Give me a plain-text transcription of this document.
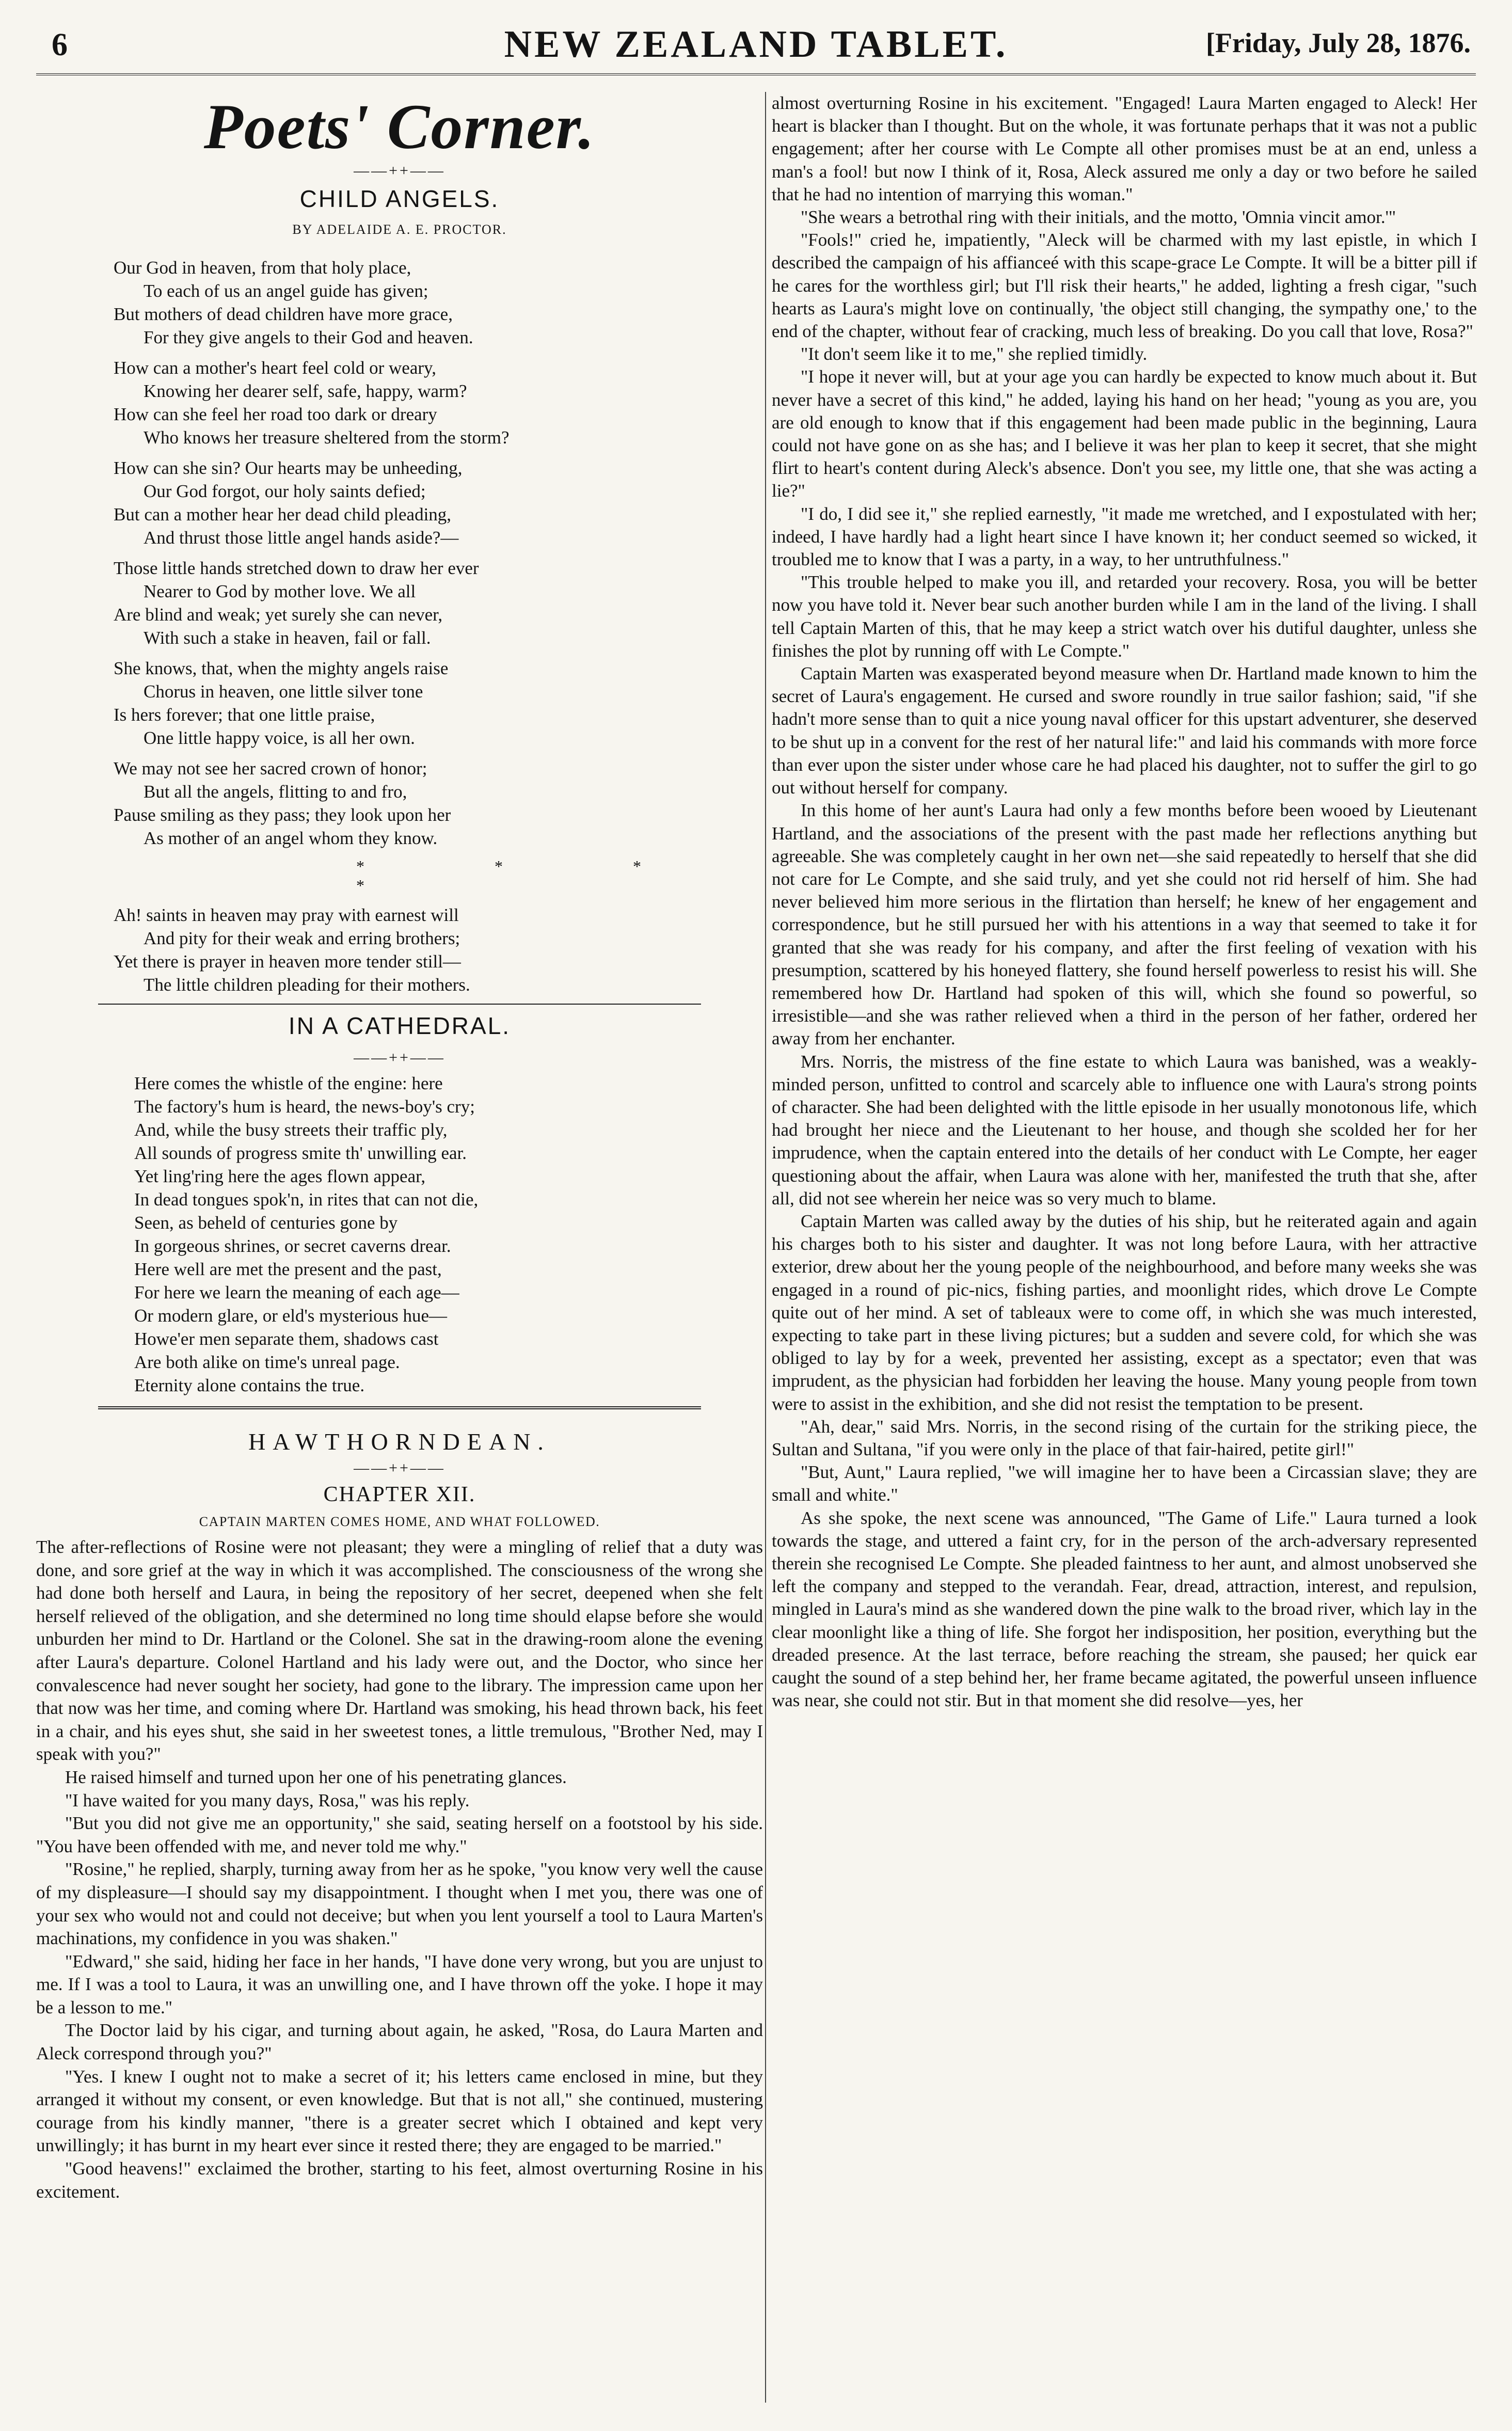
6	NEW ZEALAND TABLET.	[Friday, July 28, 1876.
Poets' Corner.
——++——
CHILD ANGELS.
BY ADELAIDE A. E. PROCTOR.
Our God in heaven, from that holy place,
To each of us an angel guide has given;
But mothers of dead children have more grace,
For they give angels to their God and heaven.
How can a mother's heart feel cold or weary,
Knowing her dearer self, safe, happy, warm?
How can she feel her road too dark or dreary
Who knows her treasure sheltered from the storm?
How can she sin? Our hearts may be unheeding,
Our God forgot, our holy saints defied;
But can a mother hear her dead child pleading,
And thrust those little angel hands aside?—
Those little hands stretched down to draw her ever
Nearer to God by mother love. We all
Are blind and weak; yet surely she can never,
With such a stake in heaven, fail or fall.
She knows, that, when the mighty angels raise
Chorus in heaven, one little silver tone
Is hers forever; that one little praise,
One little happy voice, is all her own.
We may not see her sacred crown of honor;
But all the angels, flitting to and fro,
Pause smiling as they pass; they look upon her
As mother of an angel whom they know.
* * * *
Ah! saints in heaven may pray with earnest will
And pity for their weak and erring brothers;
Yet there is prayer in heaven more tender still—
The little children pleading for their mothers.
IN A CATHEDRAL.
——++——
Here comes the whistle of the engine: here
The factory's hum is heard, the news-boy's cry;
And, while the busy streets their traffic ply,
All sounds of progress smite th' unwilling ear.
Yet ling'ring here the ages flown appear,
In dead tongues spok'n, in rites that can not die,
Seen, as beheld of centuries gone by
In gorgeous shrines, or secret caverns drear.
Here well are met the present and the past,
For here we learn the meaning of each age—
Or modern glare, or eld's mysterious hue—
Howe'er men separate them, shadows cast
Are both alike on time's unreal page.
Eternity alone contains the true.
HAWTHORNDEAN.
——++——
CHAPTER XII.
CAPTAIN MARTEN COMES HOME, AND WHAT FOLLOWED.

The after-reflections of Rosine were not pleasant; they were a mingling of relief that a duty was done, and sore grief at the way in which it was accomplished. The consciousness of the wrong she had done both herself and Laura, in being the repository of her secret, deepened when she felt herself relieved of the obligation, and she determined no long time should elapse before she would unburden her mind to Dr. Hartland or the Colonel. She sat in the drawing-room alone the evening after Laura's departure. Colonel Hartland and his lady were out, and the Doctor, who since her convalescence had never sought her society, had gone to the library. The impression came upon her that now was her time, and coming where Dr. Hartland was smoking, his head thrown back, his feet in a chair, and his eyes shut, she said in her sweetest tones, a little tremulous, "Brother Ned, may I speak with you?"

He raised himself and turned upon her one of his penetrating glances.

"I have waited for you many days, Rosa," was his reply.

"But you did not give me an opportunity," she said, seating herself on a footstool by his side. "You have been offended with me, and never told me why."

"Rosine," he replied, sharply, turning away from her as he spoke, "you know very well the cause of my displeasure—I should say my disappointment. I thought when I met you, there was one of your sex who would not and could not deceive; but when you lent yourself a tool to Laura Marten's machinations, my confidence in you was shaken."

"Edward," she said, hiding her face in her hands, "I have done very wrong, but you are unjust to me. If I was a tool to Laura, it was an unwilling one, and I have thrown off the yoke. I hope it may be a lesson to me."

The Doctor laid by his cigar, and turning about again, he asked, "Rosa, do Laura Marten and Aleck correspond through you?"

"Yes. I knew I ought not to make a secret of it; his letters came enclosed in mine, but they arranged it without my consent, or even knowledge. But that is not all," she continued, mustering courage from his kindly manner, "there is a greater secret which I obtained and kept very unwillingly; it has burnt in my heart ever since it rested there; they are engaged to be married."

"Good heavens!" exclaimed the brother, starting to his feet, almost overturning Rosine in his excitement.

almost overturning Rosine in his excitement. "Engaged! Laura Marten engaged to Aleck! Her heart is blacker than I thought. But on the whole, it was fortunate perhaps that it was not a public engagement; after her course with Le Compte all other promises must be at an end, unless a man's a fool! but now I think of it, Rosa, Aleck assured me only a day or two before he sailed that he had no intention of marrying this woman."

"She wears a betrothal ring with their initials, and the motto, 'Omnia vincit amor.'"

"Fools!" cried he, impatiently, "Aleck will be charmed with my last epistle, in which I described the campaign of his affianceé with this scape-grace Le Compte. It will be a bitter pill if he cares for the worthless girl; but I'll risk their hearts," he added, lighting a fresh cigar, "such hearts as Laura's might love on continually, 'the object still changing, the sympathy one,' to the end of the chapter, without fear of cracking, much less of breaking. Do you call that love, Rosa?"

"It don't seem like it to me," she replied timidly.

"I hope it never will, but at your age you can hardly be expected to know much about it. But never have a secret of this kind," he added, laying his hand on her head; "young as you are, you are old enough to know that if this engagement had been made public in the beginning, Laura could not have gone on as she has; and I believe it was her plan to keep it secret, that she might flirt to heart's content during Aleck's absence. Don't you see, my little one, that she was acting a lie?"

"I do, I did see it," she replied earnestly, "it made me wretched, and I expostulated with her; indeed, I have hardly had a light heart since I have known it; her conduct seemed so wicked, it troubled me to know that I was a party, in a way, to her untruthfulness."

"This trouble helped to make you ill, and retarded your recovery. Rosa, you will be better now you have told it. Never bear such another burden while I am in the land of the living. I shall tell Captain Marten of this, that he may keep a strict watch over his dutiful daughter, unless she finishes the plot by running off with Le Compte."

Captain Marten was exasperated beyond measure when Dr. Hartland made known to him the secret of Laura's engagement. He cursed and swore roundly in true sailor fashion; said, "if she hadn't more sense than to quit a nice young naval officer for this upstart adventurer, she deserved to be shut up in a convent for the rest of her natural life:" and laid his commands with more force than ever upon the sister under whose care he had placed his daughter, not to suffer the girl to go out without herself for company.

In this home of her aunt's Laura had only a few months before been wooed by Lieutenant Hartland, and the associations of the present with the past made her reflections anything but agreeable. She was completely caught in her own net—she said repeatedly to herself that she did not care for Le Compte, and she said truly, and yet she could not rid herself of him. She had never believed him more serious in the flirtation than herself; he knew of her engagement and correspondence, but he still pursued her with his attentions in a way that seemed to take it for granted that she was ready for his company, and after the first feeling of vexation with his presumption, scattered by his honeyed flattery, she found herself powerless to resist his will. She remembered how Dr. Hartland had spoken of this will, which she found so powerful, so irresistible—and she was rather relieved when a third in the person of her father, ordered her away from her enchanter.

Mrs. Norris, the mistress of the fine estate to which Laura was banished, was a weakly-minded person, unfitted to control and scarcely able to influence one with Laura's strong points of character. She had been delighted with the little episode in her usually monotonous life, which had brought her niece and the Lieutenant to her house, and though she scolded her for her imprudence, when the captain entered into the details of her conduct with Le Compte, her eager questioning about the affair, when Laura was alone with her, manifested the truth that she, after all, did not see wherein her neice was so very much to blame.

Captain Marten was called away by the duties of his ship, but he reiterated again and again his charges both to his sister and daughter. It was not long before Laura, with her attractive exterior, drew about her the young people of the neighbourhood, and before many weeks she was engaged in a round of pic-nics, fishing parties, and moonlight rides, which drove Le Compte quite out of her mind. A set of tableaux were to come off, in which she was much interested, expecting to take part in these living pictures; but a sudden and severe cold, for which she was obliged to lay by for a week, prevented her assisting, except as a spectator; even that was imprudent, as the physician had forbidden her leaving the house. Many young people from town were to assist in the exhibition, and she did not resist the temptation to be present.

"Ah, dear," said Mrs. Norris, in the second rising of the curtain for the striking piece, the Sultan and Sultana, "if you were only in the place of that fair-haired, petite girl!"

"But, Aunt," Laura replied, "we will imagine her to have been a Circassian slave; they are small and white."

As she spoke, the next scene was announced, "The Game of Life." Laura turned a look towards the stage, and uttered a faint cry, for in the person of the arch-adversary represented therein she recognised Le Compte. She pleaded faintness to her aunt, and almost unobserved she left the company and stepped to the verandah. Fear, dread, attraction, interest, and repulsion, mingled in Laura's mind as she wandered down the pine walk to the broad river, which lay in the clear moonlight like a thing of life. She forgot her indisposition, her position, everything but the dreaded presence. At the last terrace, before reaching the stream, she paused; her quick ear caught the sound of a step behind her, her frame became agitated, the powerful unseen influence was near, she could not stir. But in that moment she did resolve—yes, her
